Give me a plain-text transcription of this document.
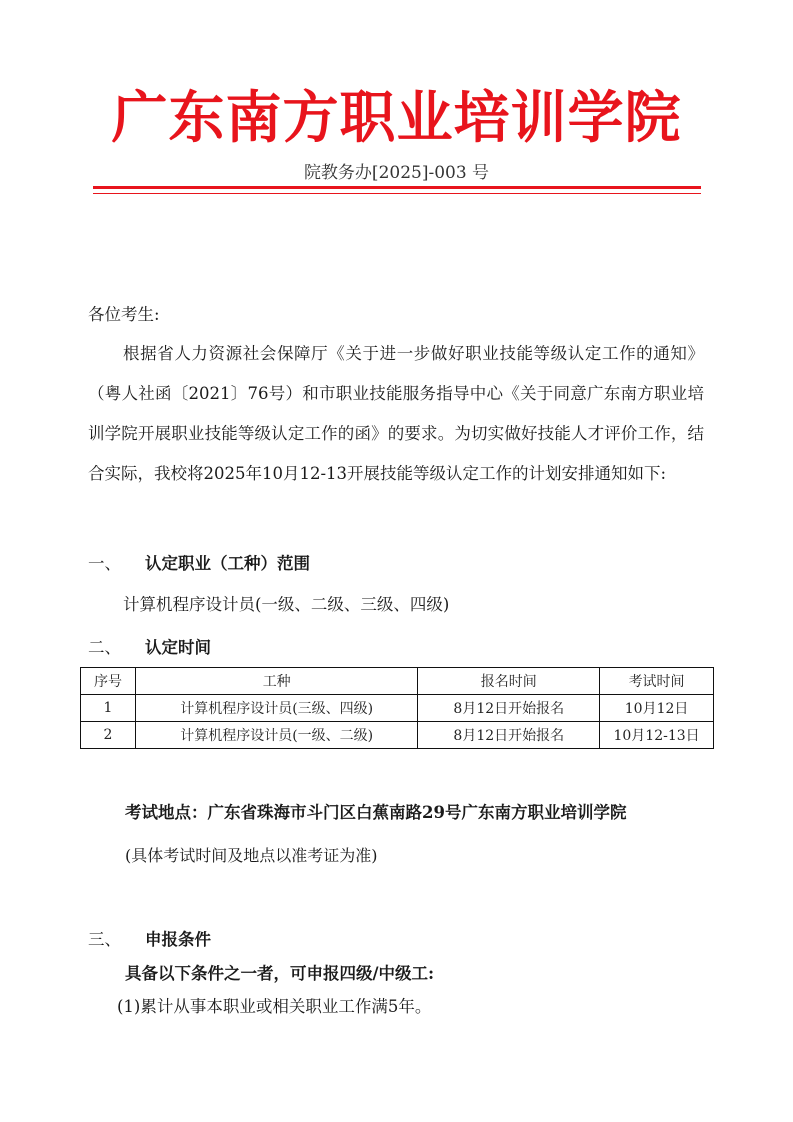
广东南方职业培训学院
院教务办[2025]-003 号
各位考生:
根据省人力资源社会保障厅《关于进一步做好职业技能等级认定工作的通知》（粤人社函〔2021〕76号）和市职业技能服务指导中心《关于同意广东南方职业培训学院开展职业技能等级认定工作的函》的要求。为切实做好技能人才评价工作，结合实际，我校将2025年10月12-13开展技能等级认定工作的计划安排通知如下:
一、	认定职业（工种）范围
计算机程序设计员(一级、二级、三级、四级)
二、	认定时间
序号	工种	报名时间	考试时间
1	计算机程序设计员(三级、四级)	8月12日开始报名	10月12日
2	计算机程序设计员(一级、二级)	8月12日开始报名	10月12-13日
考试地点：广东省珠海市斗门区白蕉南路29号广东南方职业培训学院
(具体考试时间及地点以准考证为准)
三、	申报条件
具备以下条件之一者，可申报四级/中级工:
(1)累计从事本职业或相关职业工作满5年。
